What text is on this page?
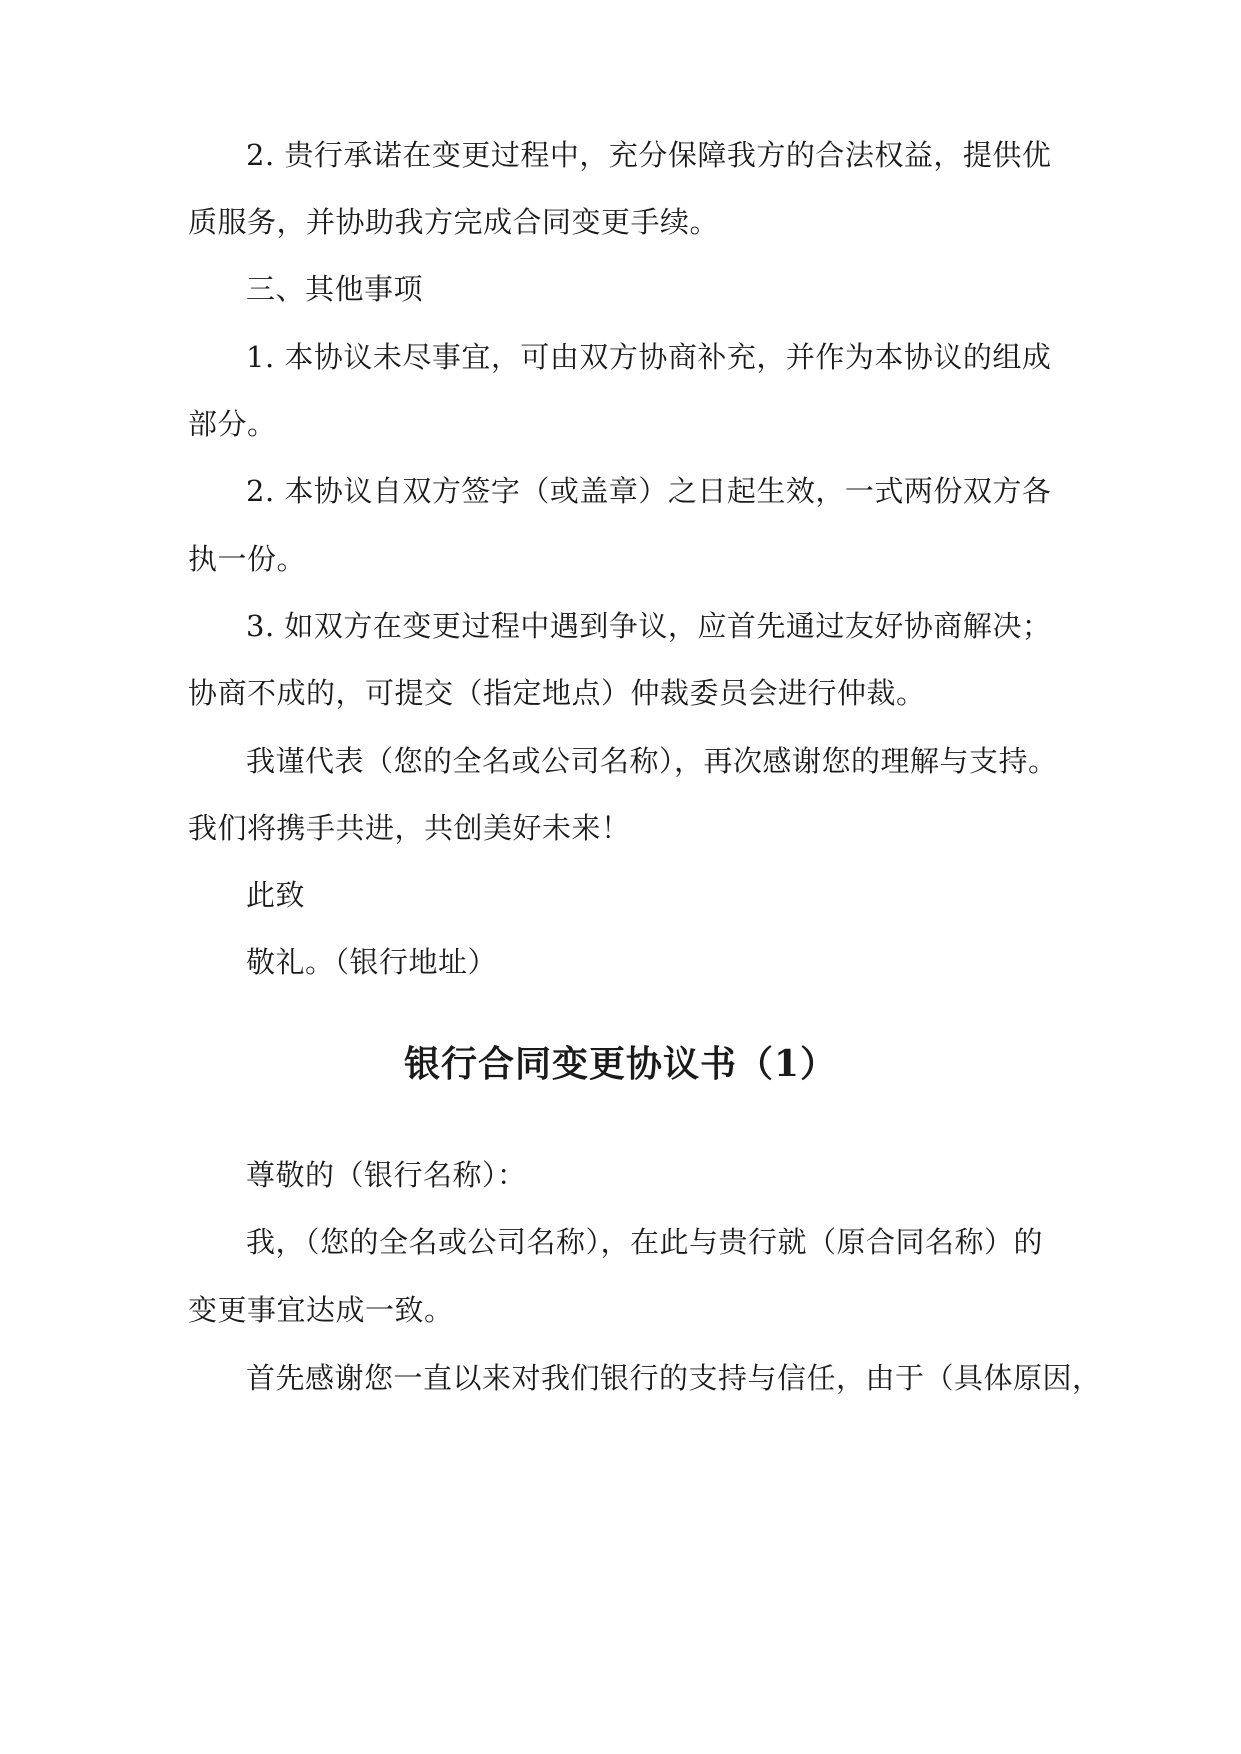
2. 贵行承诺在变更过程中，充分保障我方的合法权益，提供优
质服务，并协助我方完成合同变更手续。
三、其他事项
1. 本协议未尽事宜，可由双方协商补充，并作为本协议的组成
部分。
2. 本协议自双方签字（或盖章）之日起生效，一式两份双方各
执一份。
3. 如双方在变更过程中遇到争议，应首先通过友好协商解决；
协商不成的，可提交（指定地点）仲裁委员会进行仲裁。
我谨代表（您的全名或公司名称），再次感谢您的理解与支持。
我们将携手共进，共创美好未来！
此致
敬礼。（银行地址）
银行合同变更协议书（1）
尊敬的（银行名称）：
我，（您的全名或公司名称），在此与贵行就（原合同名称）的
变更事宜达成一致。
首先感谢您一直以来对我们银行的支持与信任，由于（具体原因，
